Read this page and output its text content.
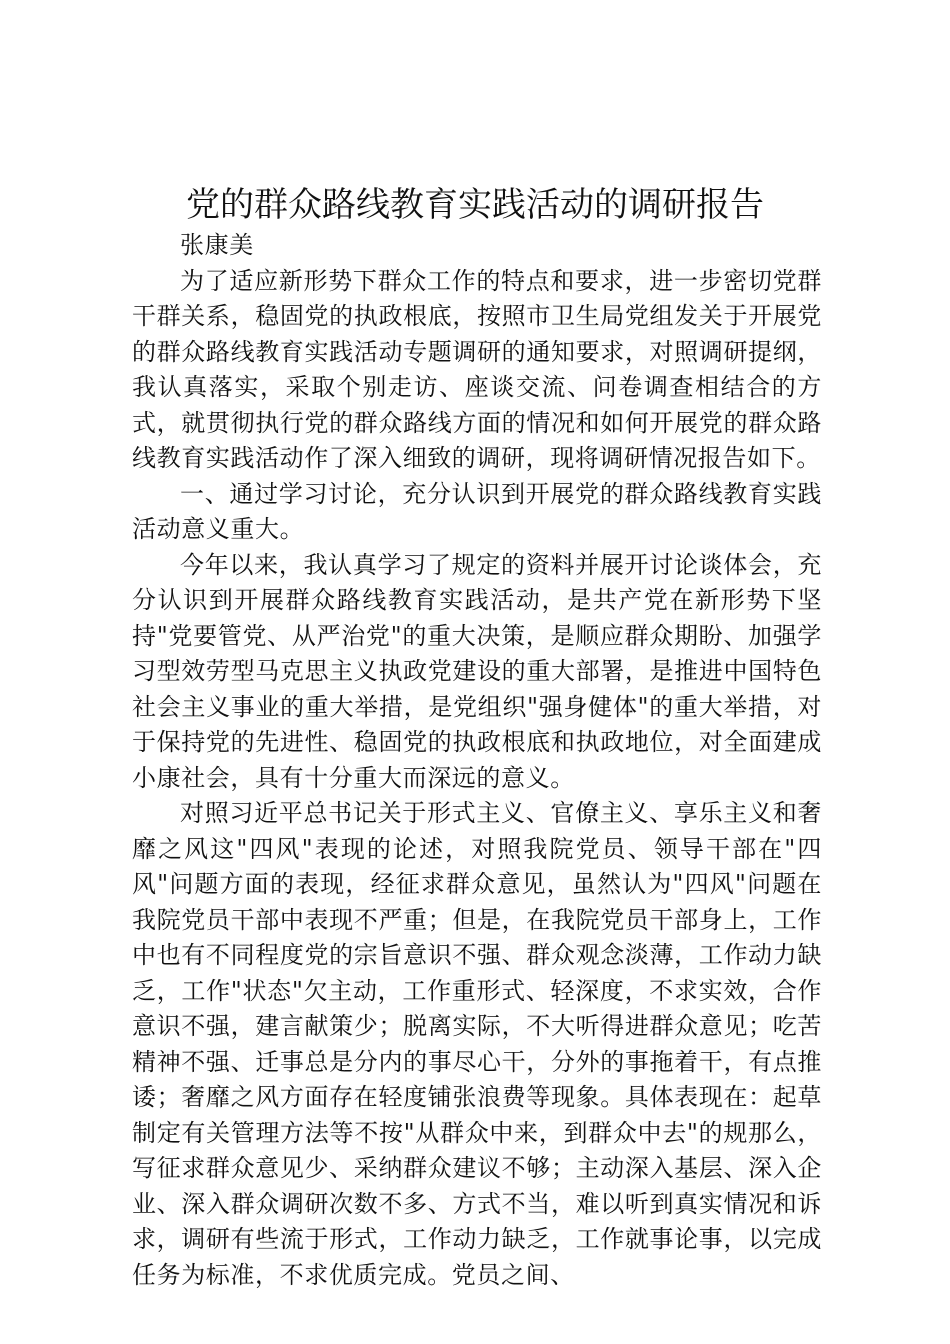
党的群众路线教育实践活动的调研报告

张康美

为了适应新形势下群众工作的特点和要求，进一步密切党群干群关系，稳固党的执政根底，按照市卫生局党组发关于开展党的群众路线教育实践活动专题调研的通知要求，对照调研提纲，我认真落实，采取个别走访、座谈交流、问卷调查相结合的方式，就贯彻执行党的群众路线方面的情况和如何开展党的群众路线教育实践活动作了深入细致的调研，现将调研情况报告如下。

一、通过学习讨论，充分认识到开展党的群众路线教育实践活动意义重大。

今年以来，我认真学习了规定的资料并展开讨论谈体会，充分认识到开展群众路线教育实践活动，是共产党在新形势下坚持"党要管党、从严治党"的重大决策，是顺应群众期盼、加强学习型效劳型马克思主义执政党建设的重大部署，是推进中国特色社会主义事业的重大举措，是党组织"强身健体"的重大举措，对于保持党的先进性、稳固党的执政根底和执政地位，对全面建成小康社会，具有十分重大而深远的意义。

对照习近平总书记关于形式主义、官僚主义、享乐主义和奢靡之风这"四风"表现的论述，对照我院党员、领导干部在"四风"问题方面的表现，经征求群众意见，虽然认为"四风"问题在我院党员干部中表现不严重；但是，在我院党员干部身上，工作中也有不同程度党的宗旨意识不强、群众观念淡薄，工作动力缺乏，工作"状态"欠主动，工作重形式、轻深度，不求实效，合作意识不强，建言献策少；脱离实际，不大听得进群众意见；吃苦精神不强、迁事总是分内的事尽心干，分外的事拖着干，有点推诿；奢靡之风方面存在轻度铺张浪费等现象。具体表现在：起草制定有关管理方法等不按"从群众中来，到群众中去"的规那么，写征求群众意见少、采纳群众建议不够；主动深入基层、深入企业、深入群众调研次数不多、方式不当，难以听到真实情况和诉求，调研有些流于形式，工作动力缺乏，工作就事论事，以完成任务为标准，不求优质完成。党员之间、
